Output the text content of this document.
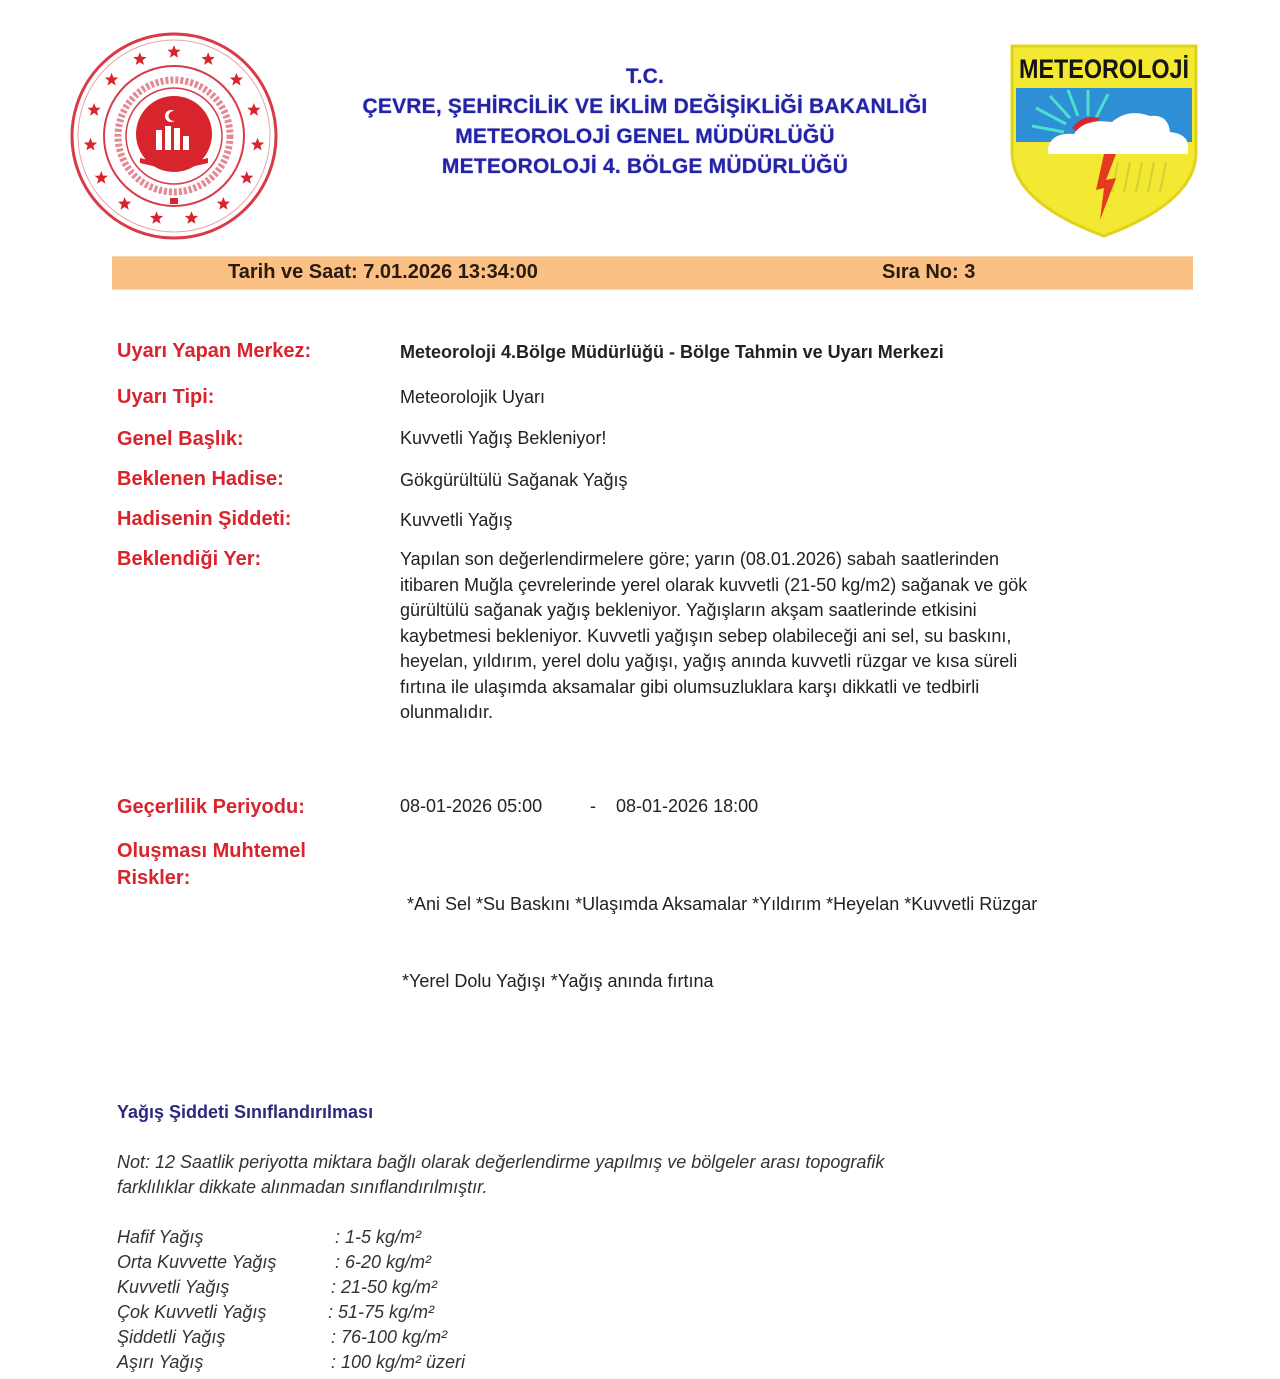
T.C.
ÇEVRE, ŞEHİRCİLİK VE İKLİM DEĞİŞİKLİĞİ BAKANLIĞI
METEOROLOJİ GENEL MÜDÜRLÜĞÜ
METEOROLOJİ 4. BÖLGE MÜDÜRLÜĞÜ
METEOROLOJİ
Tarih ve Saat: 7.01.2026 13:34:00	Sıra No: 3
Uyarı Yapan Merkez:	Meteoroloji 4.Bölge Müdürlüğü - Bölge Tahmin ve Uyarı Merkezi
Uyarı Tipi:	Meteorolojik Uyarı
Genel Başlık:	Kuvvetli Yağış Bekleniyor!
Beklenen Hadise:	Gökgürültülü Sağanak Yağış
Hadisenin Şiddeti:	Kuvvetli Yağış
Beklendiği Yer:	Yapılan son değerlendirmelere göre; yarın (08.01.2026) sabah saatlerinden
itibaren Muğla çevrelerinde yerel olarak kuvvetli (21-50 kg/m2) sağanak ve gök
gürültülü sağanak yağış bekleniyor. Yağışların akşam saatlerinde etkisini
kaybetmesi bekleniyor. Kuvvetli yağışın sebep olabileceği ani sel, su baskını,
heyelan, yıldırım, yerel dolu yağışı, yağış anında kuvvetli rüzgar ve kısa süreli
fırtına ile ulaşımda aksamalar gibi olumsuzluklara karşı dikkatli ve tedbirli
olunmalıdır.
Geçerlilik Periyodu:	08-01-2026 05:00	- 08-01-2026 18:00
Oluşması Muhtemel
Riskler:

*Ani Sel *Su Baskını *Ulaşımda Aksamalar *Yıldırım *Heyelan *Kuvvetli Rüzgar

*Yerel Dolu Yağışı *Yağış anında fırtına

Yağış Şiddeti Sınıflandırılması
Not: 12 Saatlik periyotta miktara bağlı olarak değerlendirme yapılmış ve bölgeler arası topografik
farklılıklar dikkate alınmadan sınıflandırılmıştır.
Hafif Yağış	: 1-5 kg/m²
Orta Kuvvette Yağış	: 6-20 kg/m²
Kuvvetli Yağış	: 21-50 kg/m²
Çok Kuvvetli Yağış	: 51-75 kg/m²
Şiddetli Yağış	: 76-100 kg/m²
Aşırı Yağış	: 100 kg/m² üzeri
